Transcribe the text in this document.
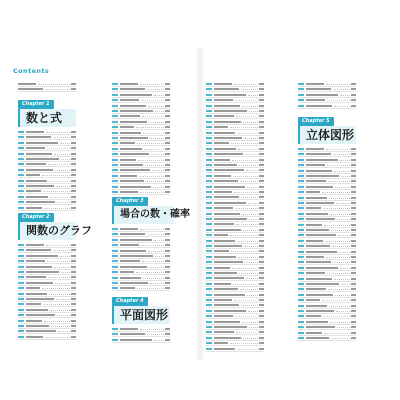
Contents
Chapter 1
数と式
Chapter 2
関数のグラフ
Chapter 3
場合の数・確率
Chapter 4
平面図形
Chapter 5
立体図形
